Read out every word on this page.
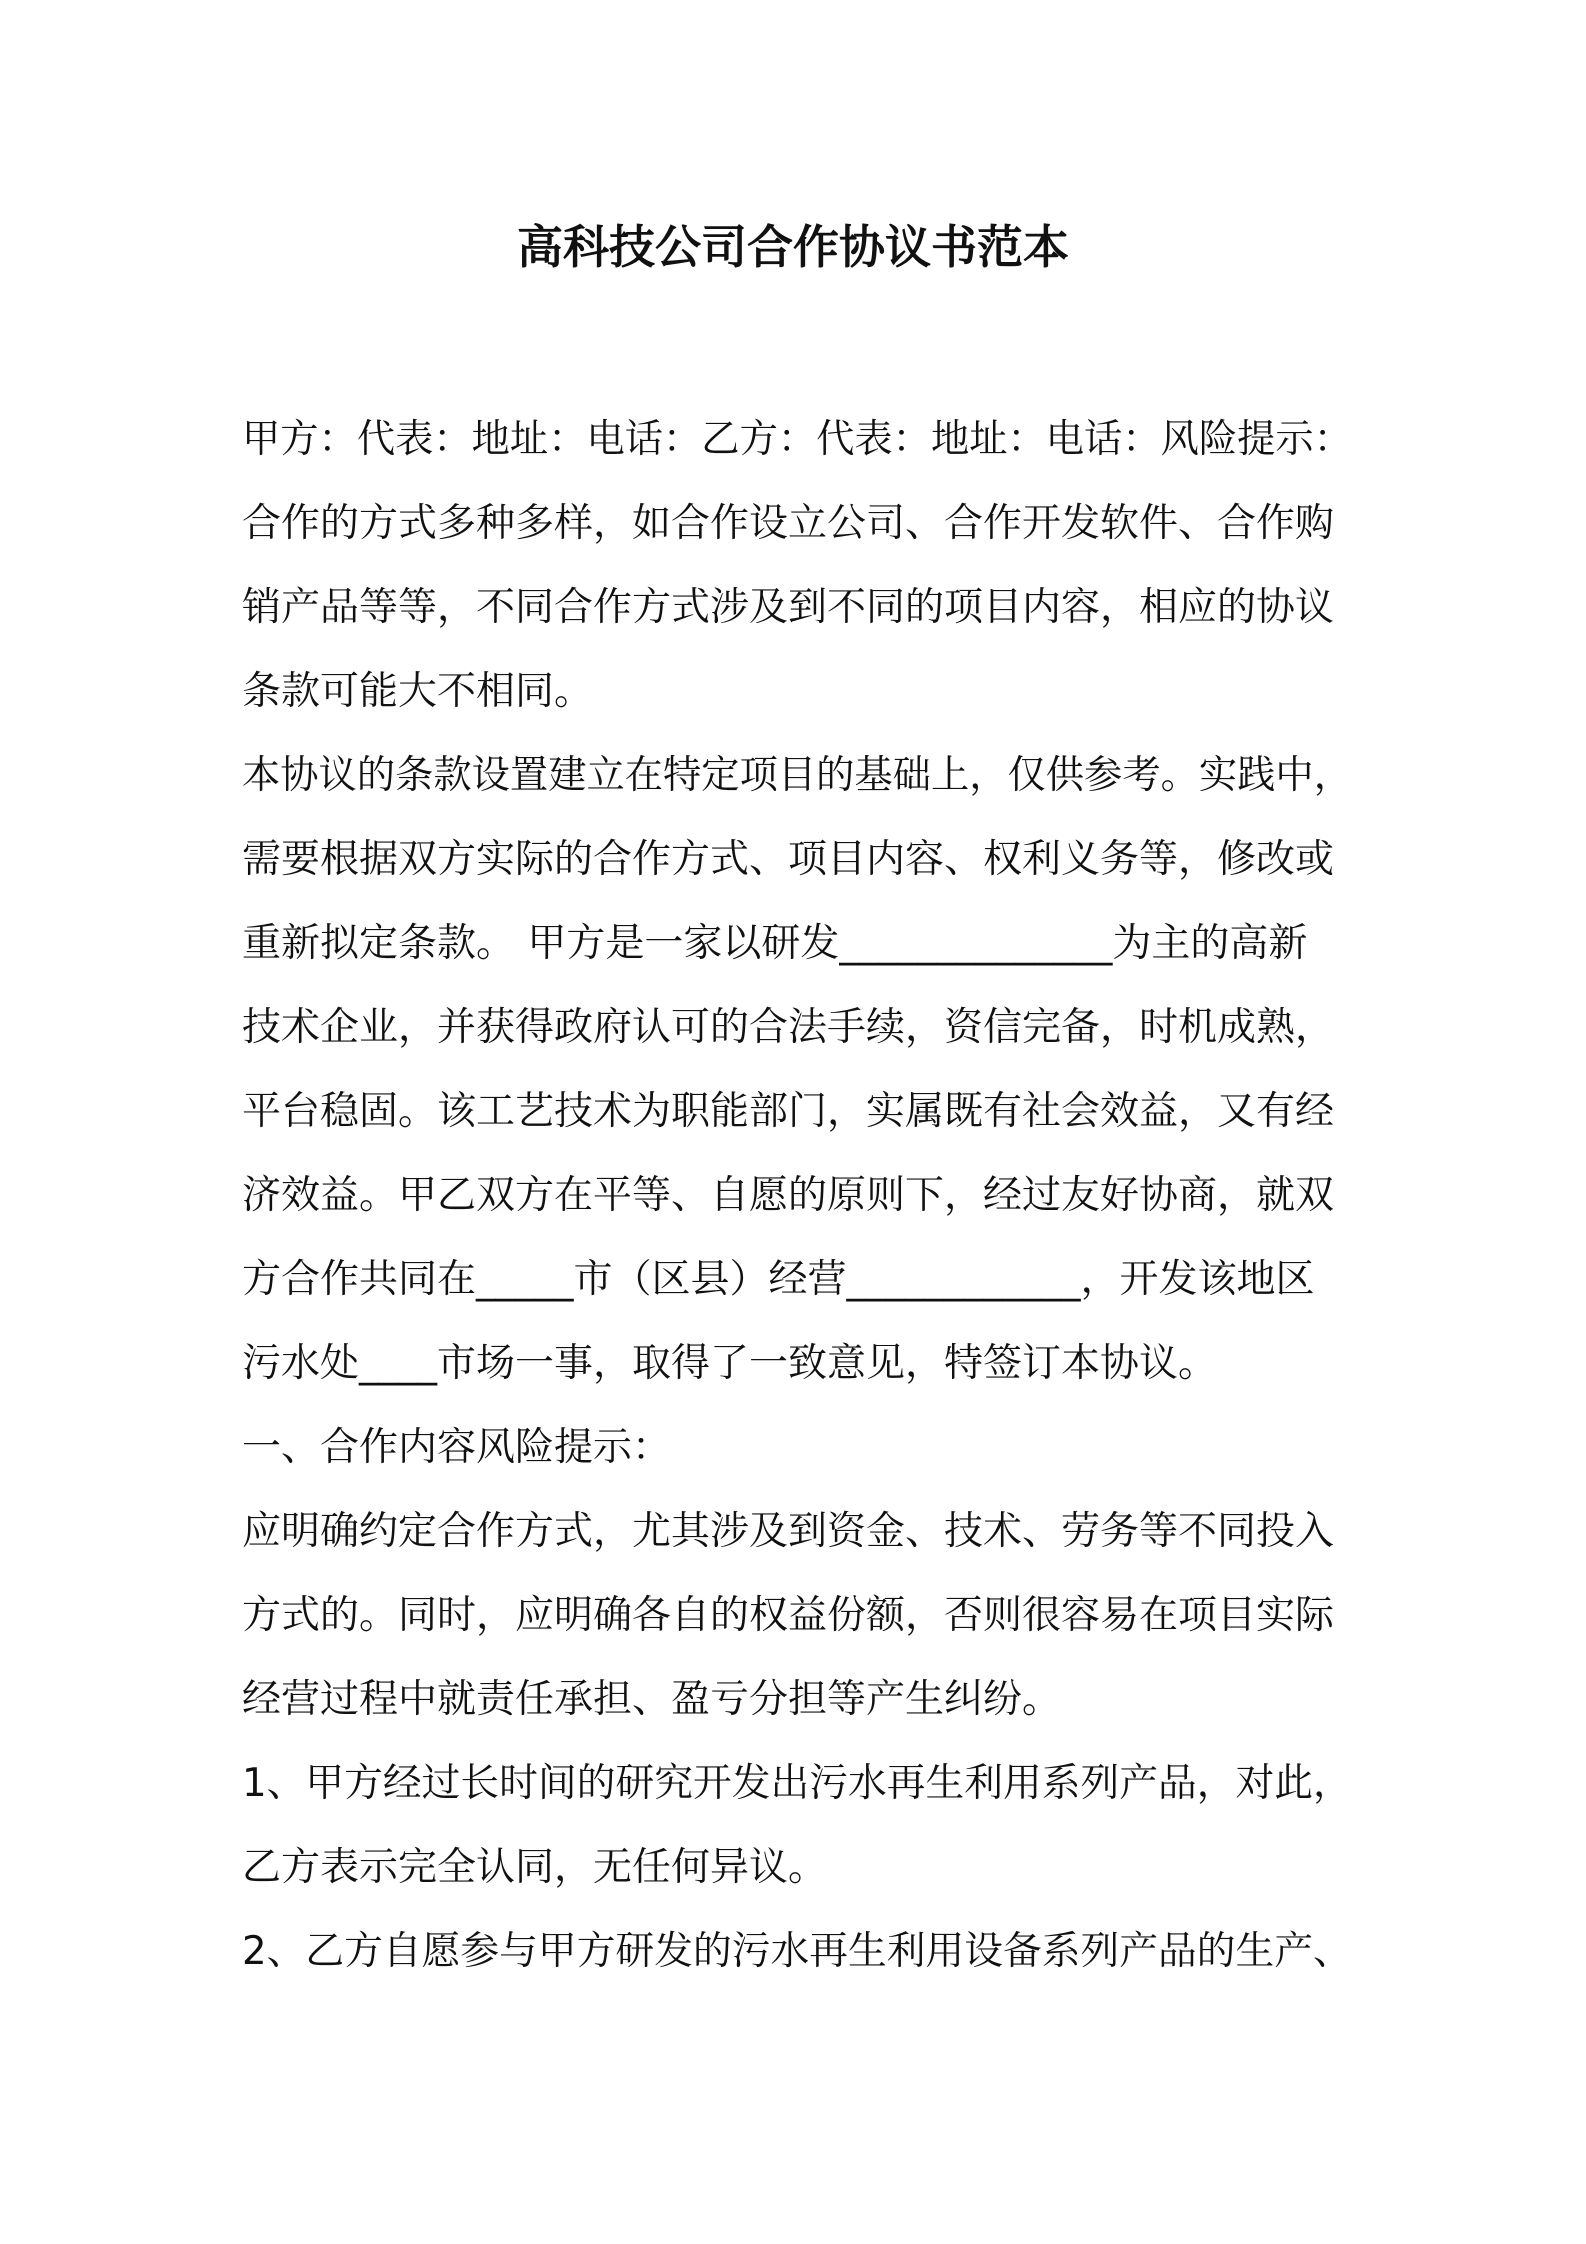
高科技公司合作协议书范本
甲方：代表：地址：电话：乙方：代表：地址：电话：风险提示：
合作的方式多种多样，如合作设立公司、合作开发软件、合作购
销产品等等，不同合作方式涉及到不同的项目内容，相应的协议
条款可能大不相同。
本协议的条款设置建立在特定项目的基础上，仅供参考。实践中，
需要根据双方实际的合作方式、项目内容、权利义务等，修改或
重新拟定条款。 甲方是一家以研发______________为主的高新
技术企业，并获得政府认可的合法手续，资信完备，时机成熟，
平台稳固。该工艺技术为职能部门，实属既有社会效益，又有经
济效益。甲乙双方在平等、自愿的原则下，经过友好协商，就双
方合作共同在_____市（区县）经营____________，开发该地区
污水处____市场一事，取得了一致意见，特签订本协议。
一、合作内容风险提示：
应明确约定合作方式，尤其涉及到资金、技术、劳务等不同投入
方式的。同时，应明确各自的权益份额，否则很容易在项目实际
经营过程中就责任承担、盈亏分担等产生纠纷。
1、甲方经过长时间的研究开发出污水再生利用系列产品，对此，
乙方表示完全认同，无任何异议。
2、乙方自愿参与甲方研发的污水再生利用设备系列产品的生产、
